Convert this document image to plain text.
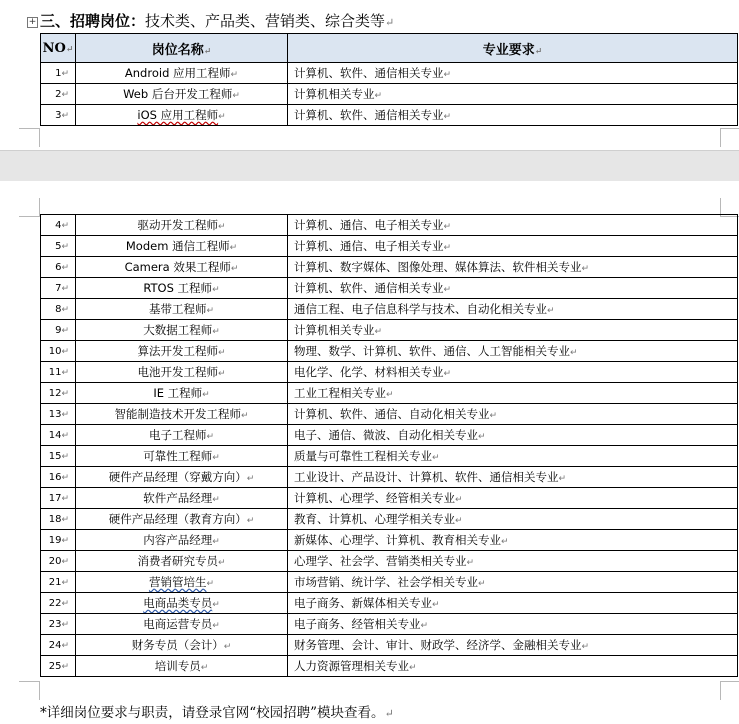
+ 三、招聘岗位：技术类、产品类、营销类、综合类等↵
NO↵	岗位名称↵	专业要求↵
1↵	Android 应用工程师↵	计算机、软件、通信相关专业↵
2↵	Web 后台开发工程师↵	计算机相关专业↵
3↵	iOS 应用工程师↵	计算机、软件、通信相关专业↵
4↵	驱动开发工程师↵	计算机、通信、电子相关专业↵
5↵	Modem 通信工程师↵	计算机、通信、电子相关专业↵
6↵	Camera 效果工程师↵	计算机、数字媒体、图像处理、媒体算法、软件相关专业↵
7↵	RTOS 工程师↵	计算机、软件、通信相关专业↵
8↵	基带工程师↵	通信工程、电子信息科学与技术、自动化相关专业↵
9↵	大数据工程师↵	计算机相关专业↵
10↵	算法开发工程师↵	物理、数学、计算机、软件、通信、人工智能相关专业↵
11↵	电池开发工程师↵	电化学、化学、材料相关专业↵
12↵	IE 工程师↵	工业工程相关专业↵
13↵	智能制造技术开发工程师↵	计算机、软件、通信、自动化相关专业↵
14↵	电子工程师↵	电子、通信、微波、自动化相关专业↵
15↵	可靠性工程师↵	质量与可靠性工程相关专业↵
16↵	硬件产品经理（穿戴方向）↵	工业设计、产品设计、计算机、软件、通信相关专业↵
17↵	软件产品经理↵	计算机、心理学、经管相关专业↵
18↵	硬件产品经理（教育方向）↵	教育、计算机、心理学相关专业↵
19↵	内容产品经理↵	新媒体、心理学、计算机、教育相关专业↵
20↵	消费者研究专员↵	心理学、社会学、营销类相关专业↵
21↵	营销管培生↵	市场营销、统计学、社会学相关专业↵
22↵	电商品类专员↵	电子商务、新媒体相关专业↵
23↵	电商运营专员↵	电子商务、经管相关专业↵
24↵	财务专员（会计）↵	财务管理、会计、审计、财政学、经济学、金融相关专业↵
25↵	培训专员↵	人力资源管理相关专业↵
*详细岗位要求与职责，请登录官网“校园招聘”模块查看。↵
